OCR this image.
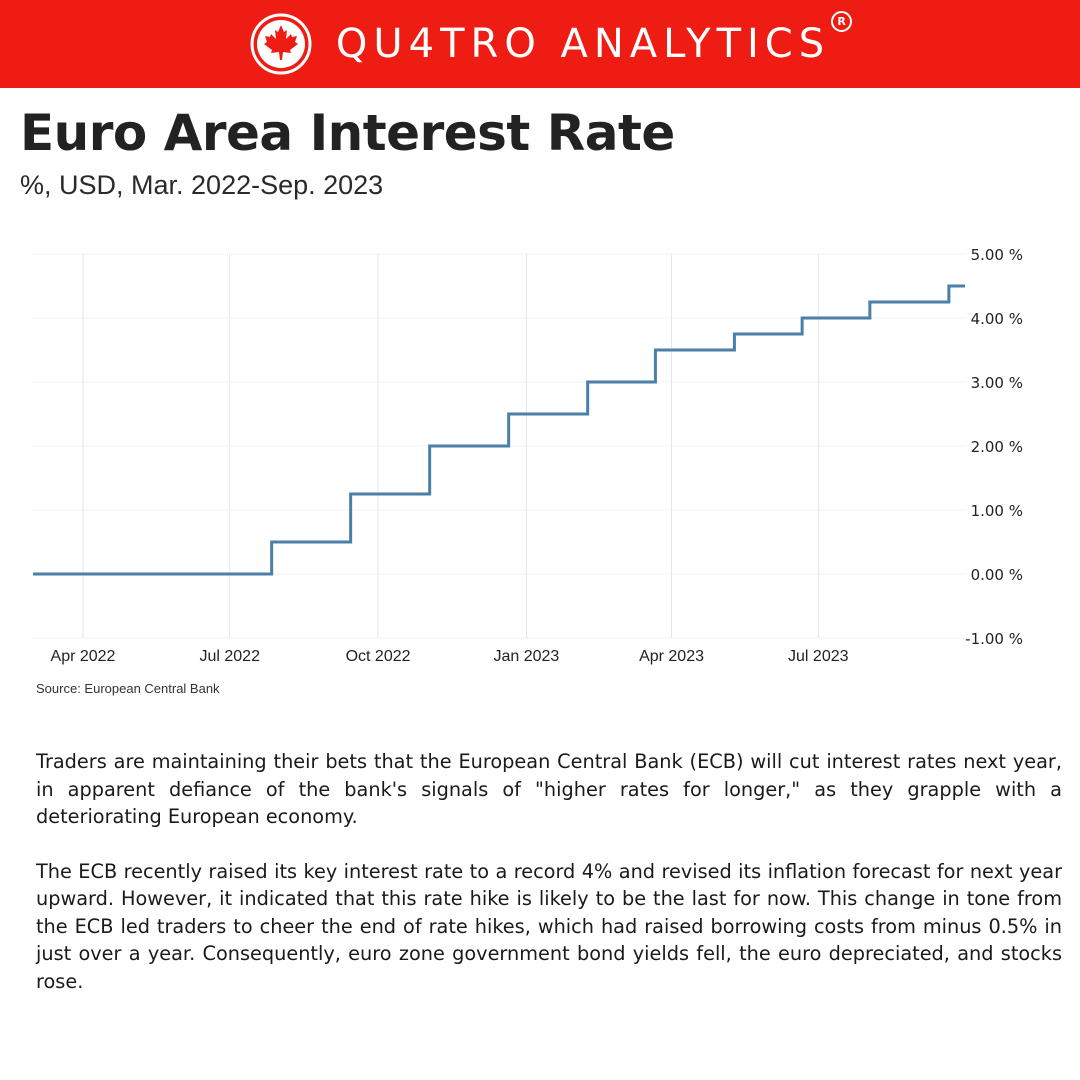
QU4TRO ANALYTICS R
Euro Area Interest Rate
%, USD, Mar. 2022-Sep. 2023
-1.00 %
0.00 %
1.00 %
2.00 %
3.00 %
4.00 %
5.00 %
Apr 2022	Jul 2022	Oct 2022	Jan 2023	Apr 2023	Jul 2023
Source: European Central Bank

Traders are maintaining their bets that the European Central Bank (ECB) will cut interest rates next year, in apparent defiance of the bank's signals of "higher rates for longer," as they grapple with a deteriorating European economy.

The ECB recently raised its key interest rate to a record 4% and revised its inflation forecast for next year upward. However, it indicated that this rate hike is likely to be the last for now. This change in tone from the ECB led traders to cheer the end of rate hikes, which had raised borrowing costs from minus 0.5% in just over a year. Consequently, euro zone government bond yields fell, the euro depreciated, and stocks rose.
